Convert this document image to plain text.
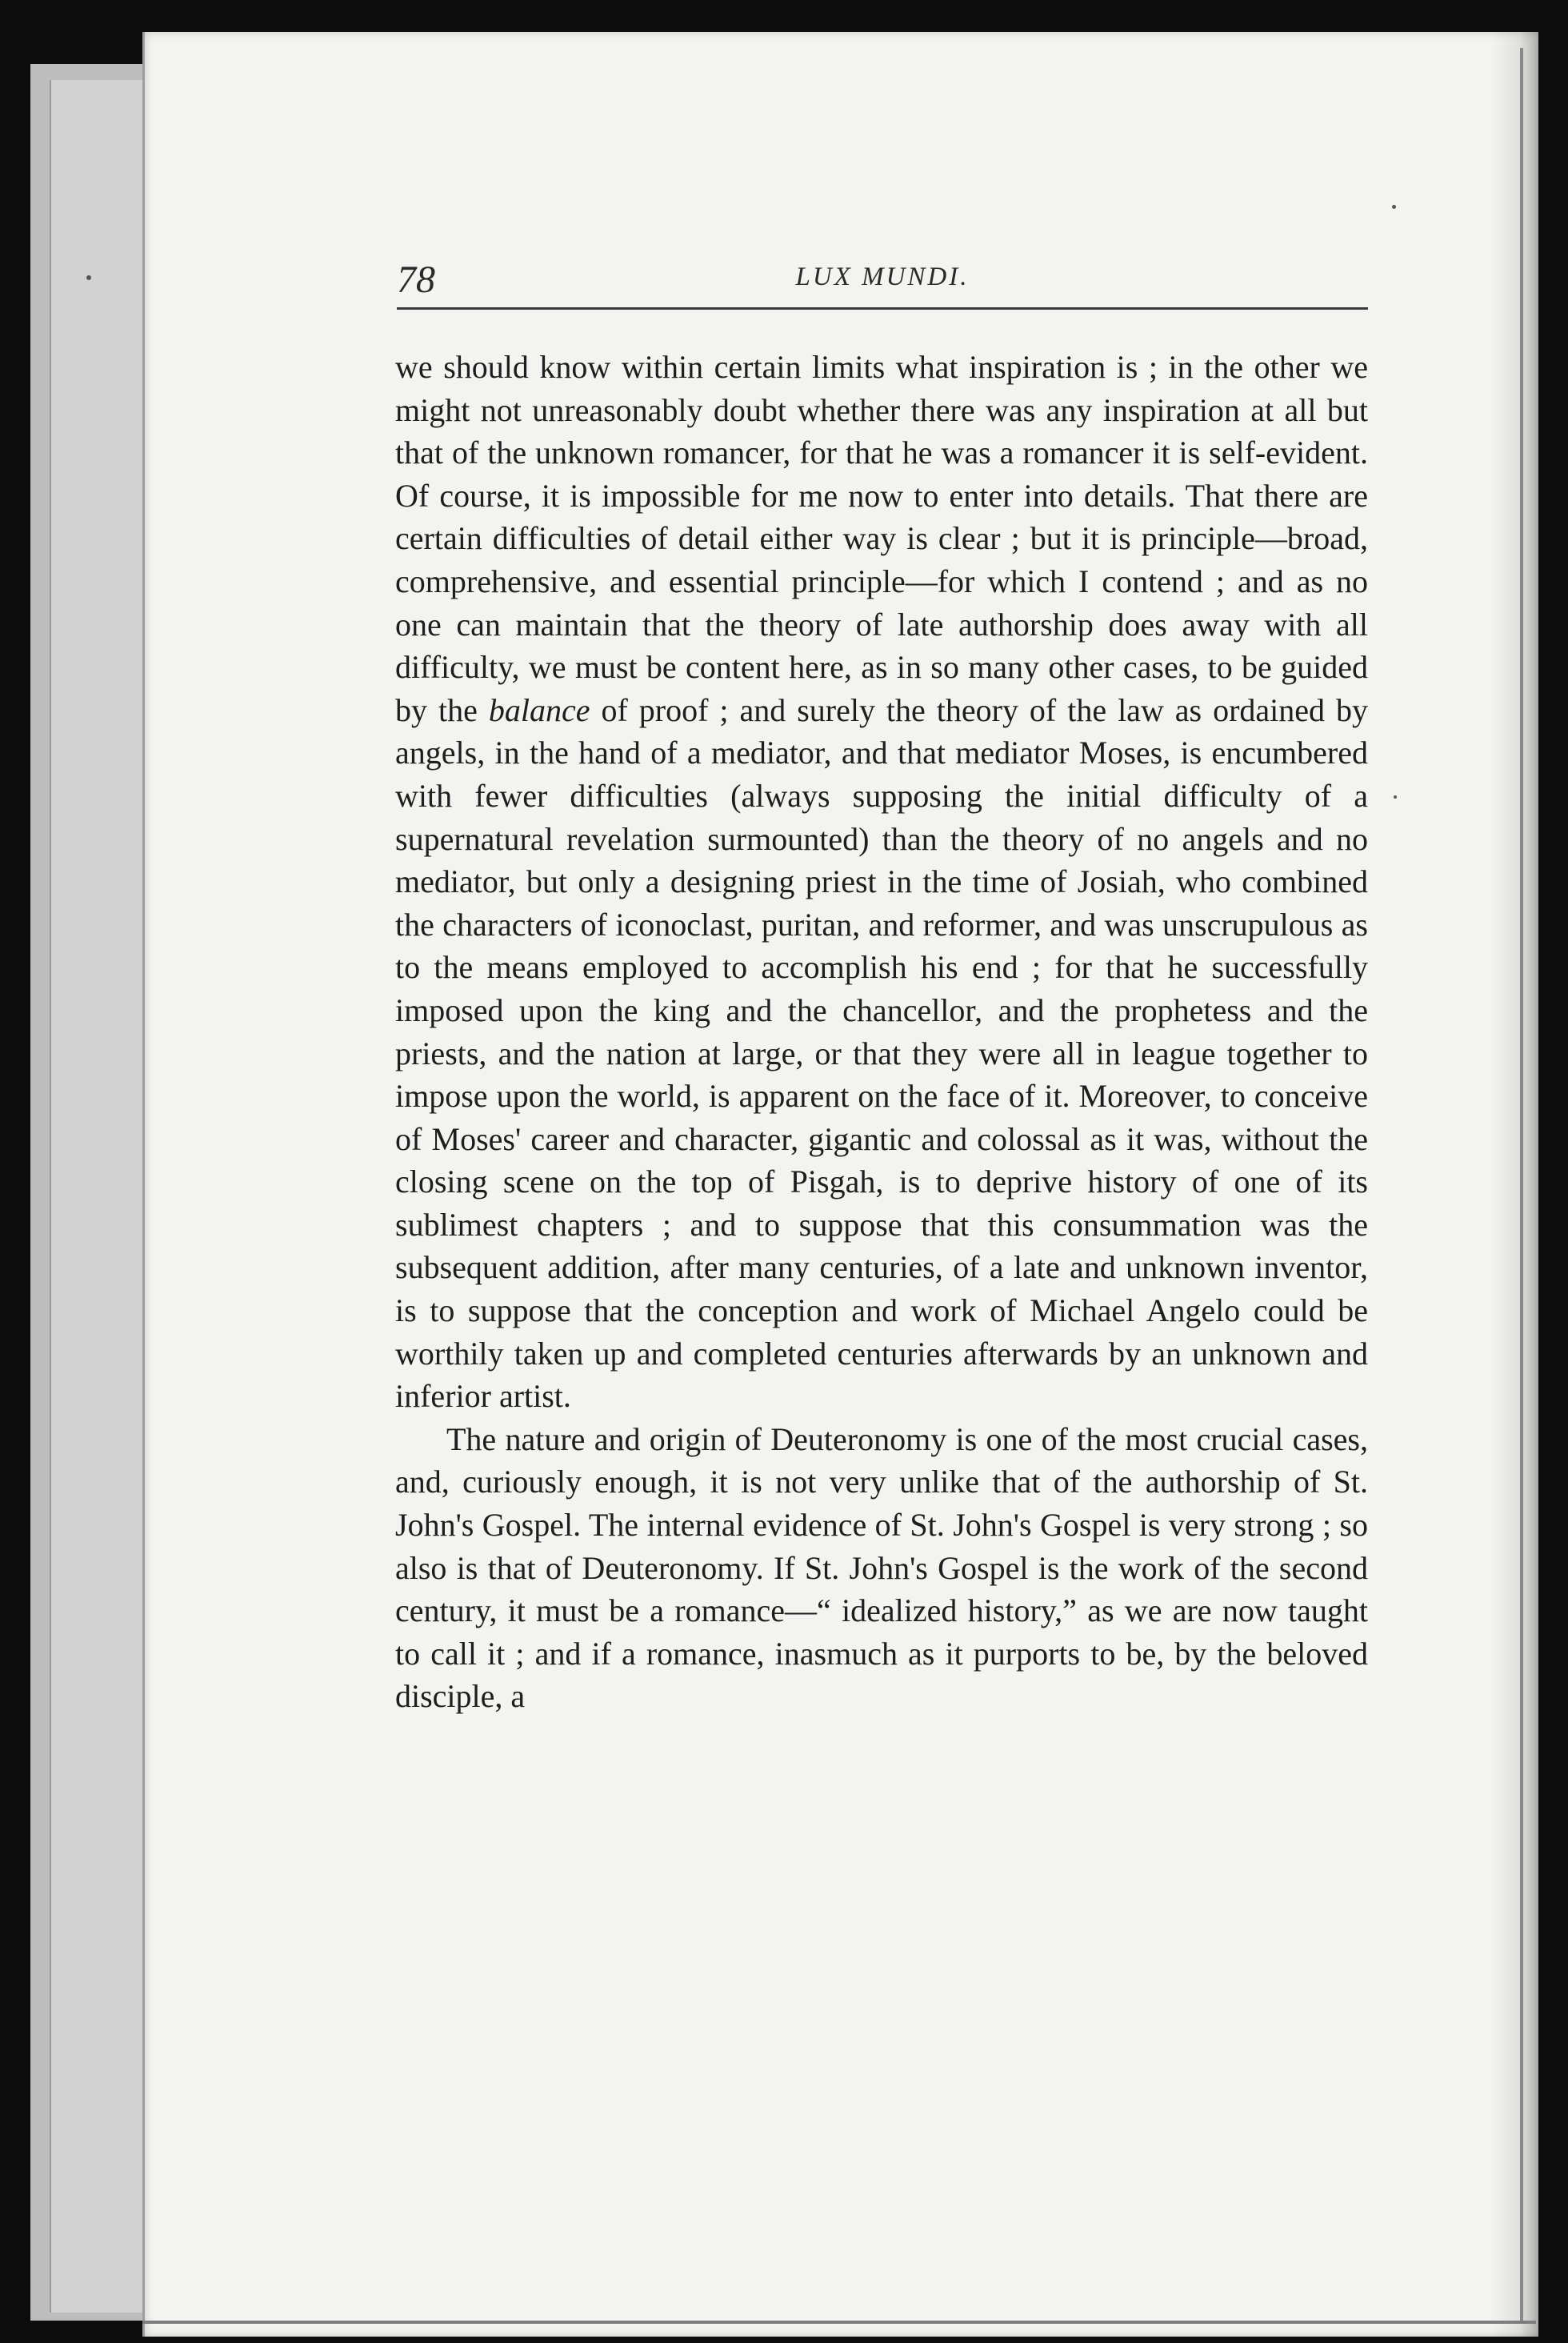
78	LUX MUNDI.

we should know within certain limits what inspiration is ; in the other we might not unreasonably doubt whether there was any inspiration at all but that of the unknown romancer, for that he was a romancer it is self-evident. Of course, it is impossible for me now to enter into details. That there are certain difficulties of detail either way is clear ; but it is principle—broad, comprehensive, and essential principle—for which I contend ; and as no one can maintain that the theory of late authorship does away with all difficulty, we must be content here, as in so many other cases, to be guided by the balance of proof ; and surely the theory of the law as ordained by angels, in the hand of a mediator, and that mediator Moses, is encumbered with fewer difficulties (always supposing the initial difficulty of a supernatural revelation surmounted) than the theory of no angels and no mediator, but only a designing priest in the time of Josiah, who combined the characters of iconoclast, puritan, and reformer, and was unscrupulous as to the means employed to accomplish his end ; for that he successfully imposed upon the king and the chancellor, and the prophetess and the priests, and the nation at large, or that they were all in league together to impose upon the world, is apparent on the face of it. Moreover, to conceive of Moses' career and character, gigantic and colossal as it was, without the closing scene on the top of Pisgah, is to deprive history of one of its sublimest chapters ; and to suppose that this consummation was the subsequent addition, after many centuries, of a late and unknown inventor, is to suppose that the conception and work of Michael Angelo could be worthily taken up and completed centuries afterwards by an unknown and inferior artist.

The nature and origin of Deuteronomy is one of the most crucial cases, and, curiously enough, it is not very unlike that of the authorship of St. John's Gospel. The internal evidence of St. John's Gospel is very strong ; so also is that of Deuteronomy. If St. John's Gospel is the work of the second century, it must be a romance—“ idealized history,” as we are now taught to call it ; and if a romance, inasmuch as it purports to be, by the beloved disciple, a
